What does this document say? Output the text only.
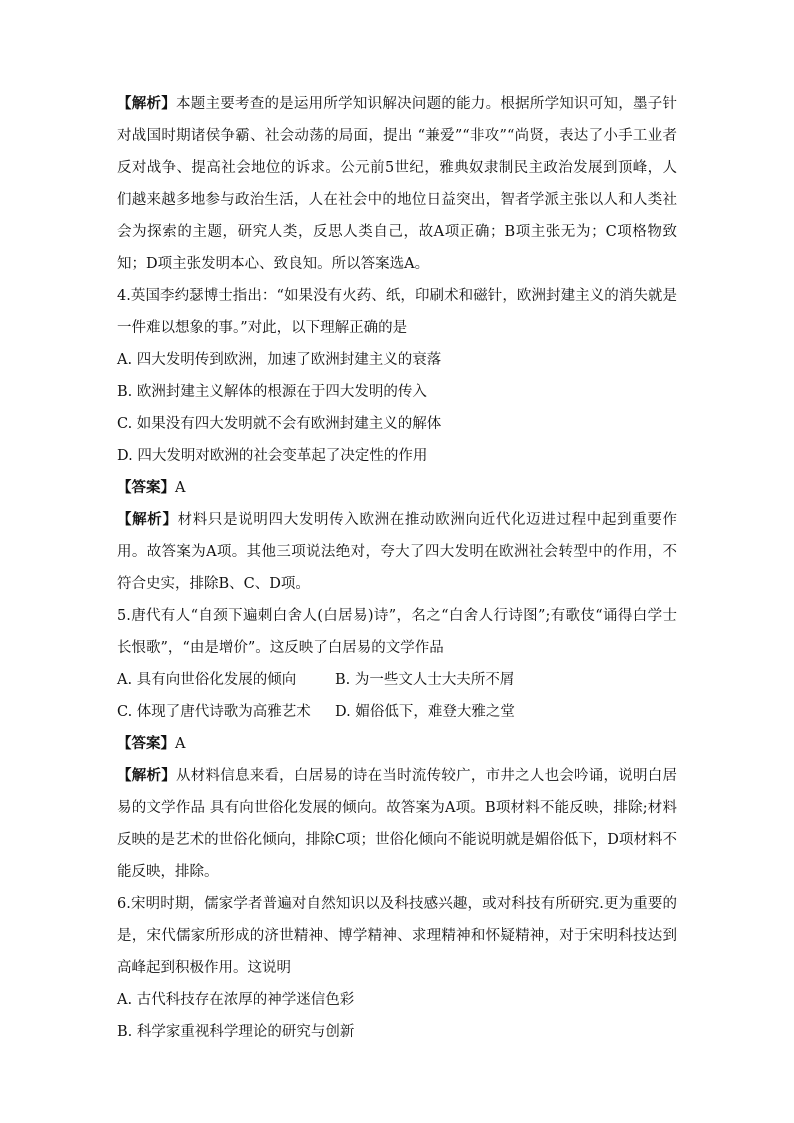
【解析】本题主要考查的是运用所学知识解决问题的能力。根据所学知识可知，墨子针对战国时期诸侯争霸、社会动荡的局面，提出 “兼爱”“非攻”“尚贤，表达了小手工业者反对战争、提高社会地位的诉求。公元前5世纪，雅典奴隶制民主政治发展到顶峰，人们越来越多地参与政治生活，人在社会中的地位日益突出，智者学派主张以人和人类社会为探索的主题，研究人类，反思人类自己，故A项正确；B项主张无为；C项格物致知；D项主张发明本心、致良知。所以答案选A。

4.英国李约瑟博士指出：“如果没有火药、纸，印刷术和磁针，欧洲封建主义的消失就是一件难以想象的事。”对此，以下理解正确的是

A. 四大发明传到欧洲，加速了欧洲封建主义的衰落

B. 欧洲封建主义解体的根源在于四大发明的传入

C. 如果没有四大发明就不会有欧洲封建主义的解体

D. 四大发明对欧洲的社会变革起了决定性的作用

【答案】A

【解析】材料只是说明四大发明传入欧洲在推动欧洲向近代化迈进过程中起到重要作用。故答案为A项。其他三项说法绝对，夸大了四大发明在欧洲社会转型中的作用，不符合史实，排除B、C、D项。

5.唐代有人“自颈下遍刺白舍人(白居易)诗”，名之“白舍人行诗图”;有歌伎“诵得白学士长恨歌”，“由是增价”。这反映了白居易的文学作品

A. 具有向世俗化发展的倾向	B. 为一些文人士大夫所不屑

C. 体现了唐代诗歌为高雅艺术	D. 媚俗低下，难登大雅之堂

【答案】A

【解析】从材料信息来看，白居易的诗在当时流传较广，市井之人也会吟诵，说明白居易的文学作品 具有向世俗化发展的倾向。故答案为A项。B项材料不能反映，排除;材料反映的是艺术的世俗化倾向，排除C项；世俗化倾向不能说明就是媚俗低下，D项材料不能反映，排除。

6.宋明时期，儒家学者普遍对自然知识以及科技感兴趣，或对科技有所研究.更为重要的是，宋代儒家所形成的济世精神、博学精神、求理精神和怀疑精神，对于宋明科技达到高峰起到积极作用。这说明

A. 古代科技存在浓厚的神学迷信色彩

B. 科学家重视科学理论的研究与创新
